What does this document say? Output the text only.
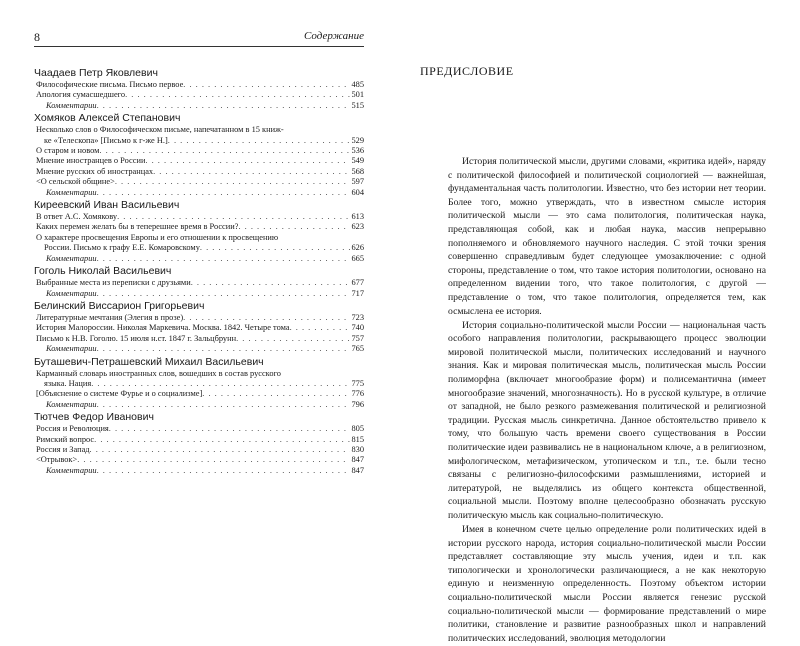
8	Содержание
Чаадаев Петр Яковлевич
Философические письма. Письмо первое . . .	485
Апология сумасшедшего . . .	501
Комментарии . . .	515
Хомяков Алексей Степанович
Несколько слов о Философическом письме, напечатанном в 15 книж-
ке «Телескопа» [Письмо к г-же Н.] . . .	529
О старом и новом . . .	536
Мнение иностранцев о России . . .	549
Мнение русских об иностранцах . . .	568
<О сельской общине> . . .	597
Комментарии . . .	604
Киреевский Иван Васильевич
В ответ А.С. Хомякову . . .	613
Каких перемен желать бы в теперешнее время в России? . . .	623
О характере просвещения Европы и его отношении к просвещению
России. Письмо к графу Е.Е. Комаровскому . . .	626
Комментарии . . .	665
Гоголь Николай Васильевич
Выбранные места из переписки с друзьями . . .	677
Комментарии . . .	717
Белинский Виссарион Григорьевич
Литературные мечтания (Элегия в прозе) . . .	723
История Малороссии. Николая Маркевича. Москва. 1842. Четыре тома . . .	740
Письмо к Н.В. Гоголю. 15 июля н.ст. 1847 г. Зальцбрунн . . .	757
Комментарии . . .	765
Буташевич-Петрашевский Михаил Васильевич
Карманный словарь иностранных слов, вошедших в состав русского
языка. Нация . . .	775
[Объяснение о системе Фурье и о социализме] . . .	776
Комментарии . . .	796
Тютчев Федор Иванович
Россия и Революция . . .	805
Римский вопрос . . .	815
Россия и Запад . . .	830
<Отрывок> . . .	847
Комментарии . . .	847
ПРЕДИСЛОВИЕ

История политической мысли, другими словами, «критика идей», наряду с политической философией и политической социологией — важнейшая, фундаментальная часть политологии. Известно, что без истории нет теории. Более того, можно утверждать, что в известном смысле история политической мысли — это сама политология, политическая наука, представляющая собой, как и любая наука, массив непрерывно пополняемого и обновляемого научного наследия. С этой точки зрения совершенно справедливым будет следующее умозаключение: с одной стороны, представление о том, что такое история политологии, основано на определенном видении того, что такое политология, с другой — представление о том, что такое политология, определяется тем, как осмыслена ее история.

История социально-политической мысли России — национальная часть особого направления политологии, раскрывающего процесс эволюции мировой политической мысли, политических исследований и научного знания. Как и мировая политическая мысль, политическая мысль России полиморфна (включает многообразие форм) и полисемантична (имеет многообразие значений, многозначность). Но в русской культуре, в отличие от западной, не было резкого размежевания политической и религиозной традиции. Русская мысль синкретична. Данное обстоятельство привело к тому, что большую часть времени своего существования в России политические идеи развивались не в национальном ключе, а в религиозном, мифологическом, метафизическом, утопическом и т.п., т.е. были тесно связаны с религиозно-философскими размышлениями, историей и литературой, не выделялись из общего контекста общественной, социальной мысли. Поэтому вполне целесообразно обозначать русскую политическую мысль как социально-политическую.

Имея в конечном счете целью определение роли политических идей в истории русского народа, история социально-политической мысли России представляет составляющие эту мысль учения, идеи и т.п. как типологически и хронологически различающиеся, а не как некоторую единую и неизменную определенность. Поэтому объектом истории социально-политической мысли России является генезис русской социально-политической мысли — формирование представлений о мире политики, становление и развитие разнообразных школ и направлений политических исследований, эволюция методологии
